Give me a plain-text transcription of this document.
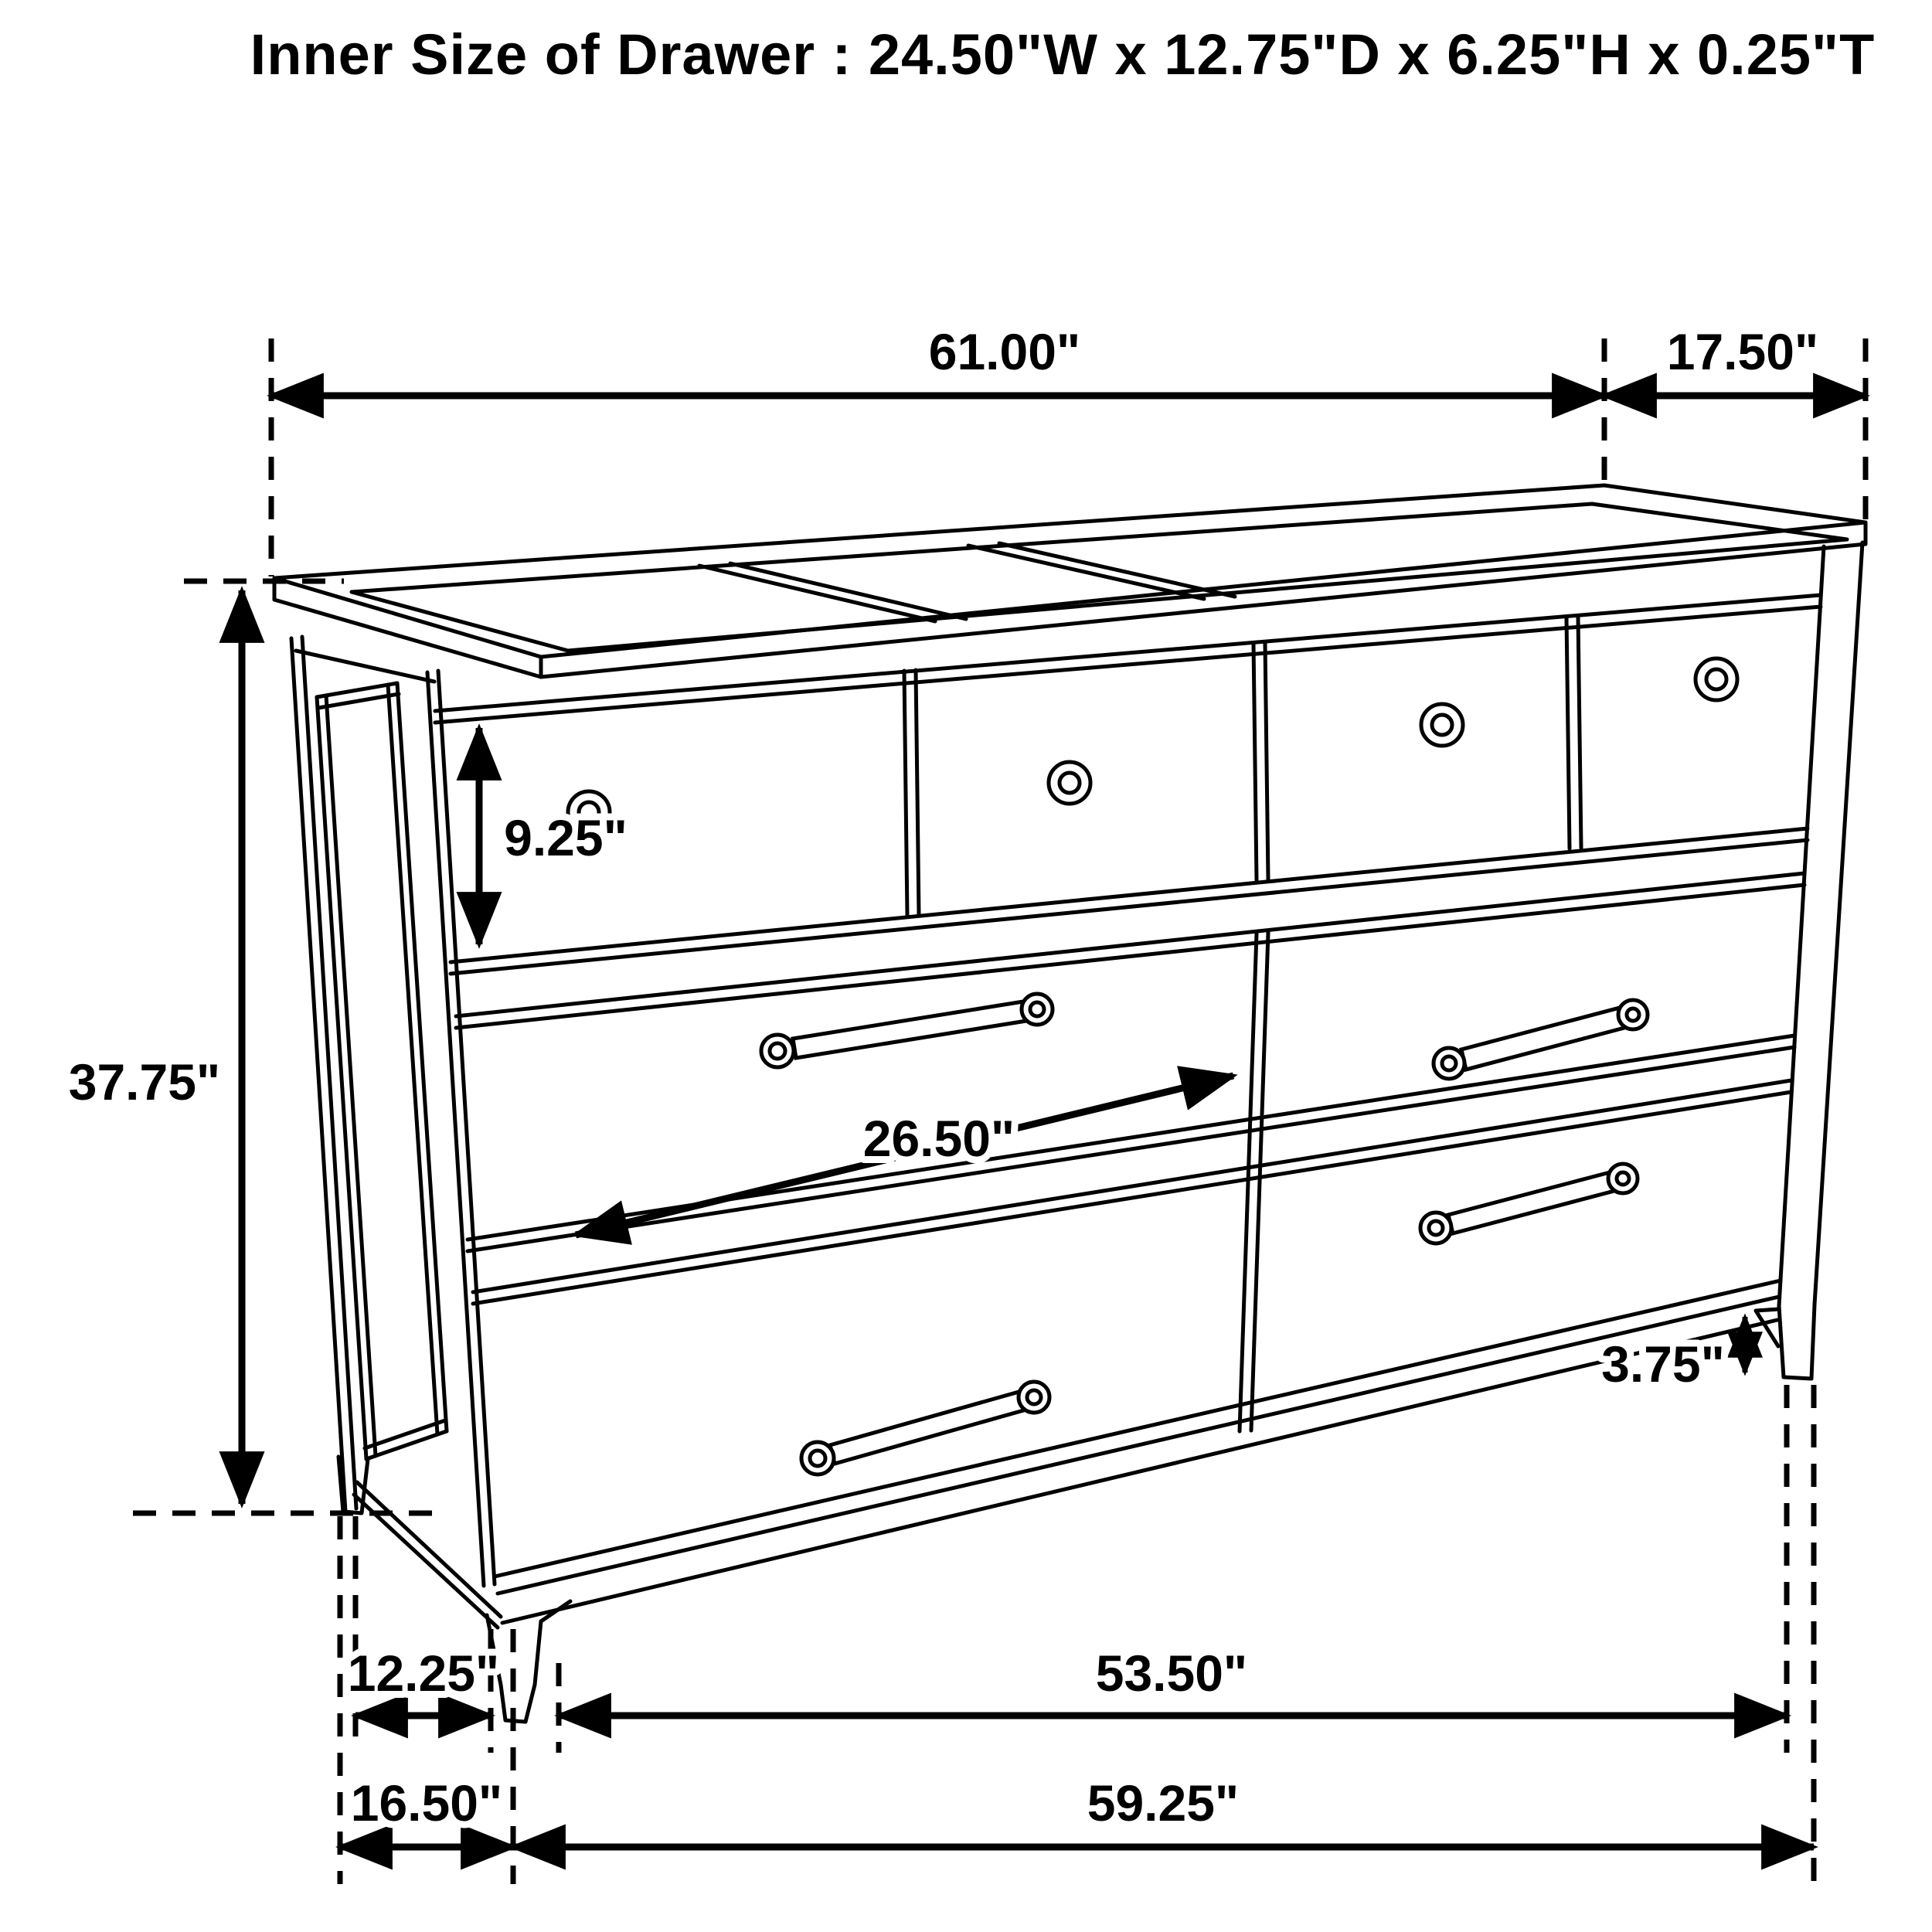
Inner Size of Drawer : 24.50"W x 12.75"D x 6.25"H x 0.25"T
61.00"	17.50"
37.75"
9.25"
26.50"
3.75"
12.25"	53.50"
16.50"	59.25"
